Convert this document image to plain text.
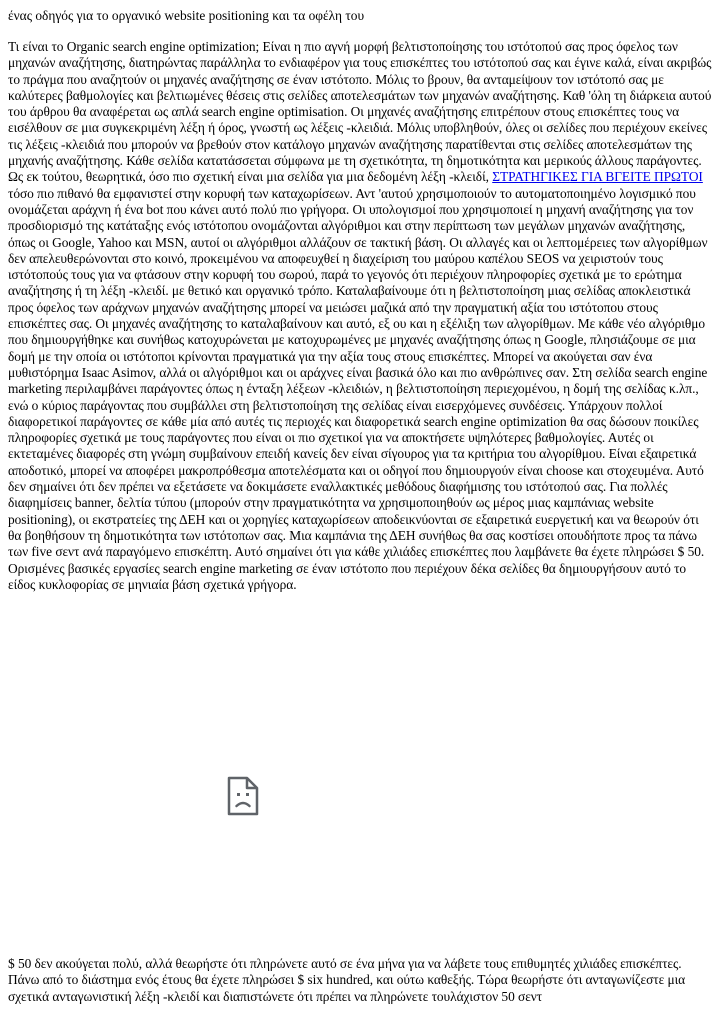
ένας οδηγός για το οργανικό website positioning και τα οφέλη του

Τι είναι το Organic search engine optimization; Είναι η πιο αγνή μορφή βελτιστοποίησης του ιστότοπού σας προς όφελος των μηχανών αναζήτησης, διατηρώντας παράλληλα το ενδιαφέρον για τους επισκέπτες του ιστότοπού σας και έγινε καλά, είναι ακριβώς το πράγμα που αναζητούν οι μηχανές αναζήτησης σε έναν ιστότοπο. Μόλις το βρουν, θα ανταμείψουν τον ιστότοπό σας με καλύτερες βαθμολογίες και βελτιωμένες θέσεις στις σελίδες αποτελεσμάτων των μηχανών αναζήτησης. Καθ 'όλη τη διάρκεια αυτού του άρθρου θα αναφέρεται ως απλά search engine optimisation. Οι μηχανές αναζήτησης επιτρέπουν στους επισκέπτες τους να εισέλθουν σε μια συγκεκριμένη λέξη ή όρος, γνωστή ως λέξεις -κλειδιά. Μόλις υποβληθούν, όλες οι σελίδες που περιέχουν εκείνες τις λέξεις -κλειδιά που μπορούν να βρεθούν στον κατάλογο μηχανών αναζήτησης παρατίθενται στις σελίδες αποτελεσμάτων της μηχανής αναζήτησης. Κάθε σελίδα κατατάσσεται σύμφωνα με τη σχετικότητα, τη δημοτικότητα και μερικούς άλλους παράγοντες. Ως εκ τούτου, θεωρητικά, όσο πιο σχετική είναι μια σελίδα για μια δεδομένη λέξη -κλειδί, ΣΤΡΑΤΗΓΙΚΕΣ ΓΙΑ ΒΓΕΙΤΕ ΠΡΩΤΟΙ τόσο πιο πιθανό θα εμφανιστεί στην κορυφή των καταχωρίσεων. Αντ 'αυτού χρησιμοποιούν το αυτοματοποιημένο λογισμικό που ονομάζεται αράχνη ή ένα bot που κάνει αυτό πολύ πιο γρήγορα. Οι υπολογισμοί που χρησιμοποιεί η μηχανή αναζήτησης για τον προσδιορισμό της κατάταξης ενός ιστότοπου ονομάζονται αλγόριθμοι και στην περίπτωση των μεγάλων μηχανών αναζήτησης, όπως οι Google, Yahoo και MSN, αυτοί οι αλγόριθμοι αλλάζουν σε τακτική βάση. Οι αλλαγές και οι λεπτομέρειες των αλγορίθμων δεν απελευθερώνονται στο κοινό, προκειμένου να αποφευχθεί η διαχείριση του μαύρου καπέλου SEOS να χειριστούν τους ιστότοπούς τους για να φτάσουν στην κορυφή του σωρού, παρά το γεγονός ότι περιέχουν πληροφορίες σχετικά με το ερώτημα αναζήτησης ή τη λέξη -κλειδί. με θετικό και οργανικό τρόπο. Καταλαβαίνουμε ότι η βελτιστοποίηση μιας σελίδας αποκλειστικά προς όφελος των αράχνων μηχανών αναζήτησης μπορεί να μειώσει μαζικά από την πραγματική αξία του ιστότοπου στους επισκέπτες σας. Οι μηχανές αναζήτησης το καταλαβαίνουν και αυτό, εξ ου και η εξέλιξη των αλγορίθμων. Με κάθε νέο αλγόριθμο που δημιουργήθηκε και συνήθως κατοχυρώνεται με κατοχυρωμένες με μηχανές αναζήτησης όπως η Google, πλησιάζουμε σε μια δομή με την οποία οι ιστότοποι κρίνονται πραγματικά για την αξία τους στους επισκέπτες. Μπορεί να ακούγεται σαν ένα μυθιστόρημα Isaac Asimov, αλλά οι αλγόριθμοι και οι αράχνες είναι βασικά όλο και πιο ανθρώπινες σαν. Στη σελίδα search engine marketing περιλαμβάνει παράγοντες όπως η ένταξη λέξεων -κλειδιών, η βελτιστοποίηση περιεχομένου, η δομή της σελίδας κ.λπ., ενώ ο κύριος παράγοντας που συμβάλλει στη βελτιστοποίηση της σελίδας είναι εισερχόμενες συνδέσεις. Υπάρχουν πολλοί διαφορετικοί παράγοντες σε κάθε μία από αυτές τις περιοχές και διαφορετικά search engine optimization θα σας δώσουν ποικίλες πληροφορίες σχετικά με τους παράγοντες που είναι οι πιο σχετικοί για να αποκτήσετε υψηλότερες βαθμολογίες. Αυτές οι εκτεταμένες διαφορές στη γνώμη συμβαίνουν επειδή κανείς δεν είναι σίγουρος για τα κριτήρια του αλγορίθμου. Είναι εξαιρετικά αποδοτικό, μπορεί να αποφέρει μακροπρόθεσμα αποτελέσματα και οι οδηγοί που δημιουργούν είναι choose και στοχευμένα. Αυτό δεν σημαίνει ότι δεν πρέπει να εξετάσετε να δοκιμάσετε εναλλακτικές μεθόδους διαφήμισης του ιστότοπού σας. Για πολλές διαφημίσεις banner, δελτία τύπου (μπορούν στην πραγματικότητα να χρησιμοποιηθούν ως μέρος μιας καμπάνιας website positioning), οι εκστρατείες της ΔΕΗ και οι χορηγίες καταχωρίσεων αποδεικνύονται σε εξαιρετικά ευεργετική και να θεωρούν ότι θα βοηθήσουν τη δημοτικότητα των ιστότοπων σας. Μια καμπάνια της ΔΕΗ συνήθως θα σας κοστίσει οπουδήποτε προς τα πάνω των five σεντ ανά παραγόμενο επισκέπτη. Αυτό σημαίνει ότι για κάθε χιλιάδες επισκέπτες που λαμβάνετε θα έχετε πληρώσει $ 50. Ορισμένες βασικές εργασίες search engine marketing σε έναν ιστότοπο που περιέχουν δέκα σελίδες θα δημιουργήσουν αυτό το είδος κυκλοφορίας σε μηνιαία βάση σχετικά γρήγορα.

$ 50 δεν ακούγεται πολύ, αλλά θεωρήστε ότι πληρώνετε αυτό σε ένα μήνα για να λάβετε τους επιθυμητές χιλιάδες επισκέπτες. Πάνω από το διάστημα ενός έτους θα έχετε πληρώσει $ six hundred, και ούτω καθεξής. Τώρα θεωρήστε ότι ανταγωνίζεστε μια σχετικά ανταγωνιστική λέξη -κλειδί και διαπιστώνετε ότι πρέπει να πληρώνετε τουλάχιστον 50 σεντ
